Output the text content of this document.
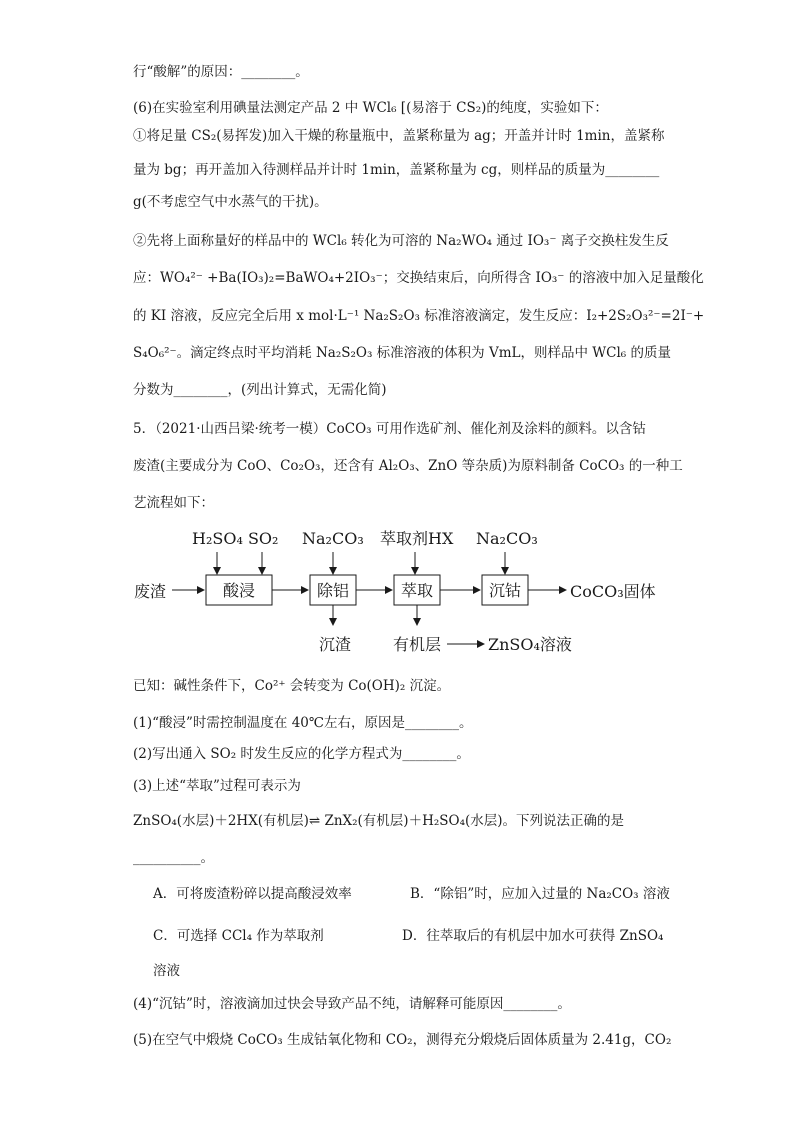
行“酸解”的原因：________。
(6)在实验室利用碘量法测定产品 2 中 WCl₆ [(易溶于 CS₂)的纯度，实验如下：
①将足量 CS₂(易挥发)加入干燥的称量瓶中，盖紧称量为 ag；开盖并计时 1min，盖紧称
量为 bg；再开盖加入待测样品并计时 1min，盖紧称量为 cg，则样品的质量为________
g(不考虑空气中水蒸气的干扰)。
②先将上面称量好的样品中的 WCl₆ 转化为可溶的 Na₂WO₄ 通过 IO₃⁻ 离子交换柱发生反
应：WO₄²⁻ +Ba(IO₃)₂=BaWO₄+2IO₃⁻；交换结束后，向所得含 IO₃⁻ 的溶液中加入足量酸化
的 KI 溶液，反应完全后用 x mol·L⁻¹ Na₂S₂O₃ 标准溶液滴定，发生反应：I₂+2S₂O₃²⁻=2I⁻+
S₄O₆²⁻。滴定终点时平均消耗 Na₂S₂O₃ 标准溶液的体积为 VmL，则样品中 WCl₆ 的质量
分数为________，(列出计算式，无需化简)
5．（2021·山西吕梁·统考一模）CoCO₃ 可用作选矿剂、催化剂及涂料的颜料。以含钴
废渣(主要成分为 CoO、Co₂O₃，还含有 Al₂O₃、ZnO 等杂质)为原料制备 CoCO₃ 的一种工
艺流程如下：
H₂SO₄ SO₂ Na₂CO₃ 萃取剂HX Na₂CO₃
废渣	酸浸	除铝	萃取	沉钴	CoCO₃固体
沉渣	有机层	ZnSO₄溶液
已知：碱性条件下，Co²⁺ 会转变为 Co(OH)₂ 沉淀。
(1)“酸浸”时需控制温度在 40℃左右，原因是________。
(2)写出通入 SO₂ 时发生反应的化学方程式为________。
(3)上述“萃取”过程可表示为
ZnSO₄(水层)＋2HX(有机层)⇌ ZnX₂(有机层)＋H₂SO₄(水层)。下列说法正确的是
__________。
A．可将废渣粉碎以提高酸浸效率	B．“除铝”时，应加入过量的 Na₂CO₃ 溶液
C．可选择 CCl₄ 作为萃取剂	D．往萃取后的有机层中加水可获得 ZnSO₄
溶液
(4)“沉钴”时，溶液滴加过快会导致产品不纯，请解释可能原因________。
(5)在空气中煅烧 CoCO₃ 生成钴氧化物和 CO₂，测得充分煅烧后固体质量为 2.41g，CO₂
